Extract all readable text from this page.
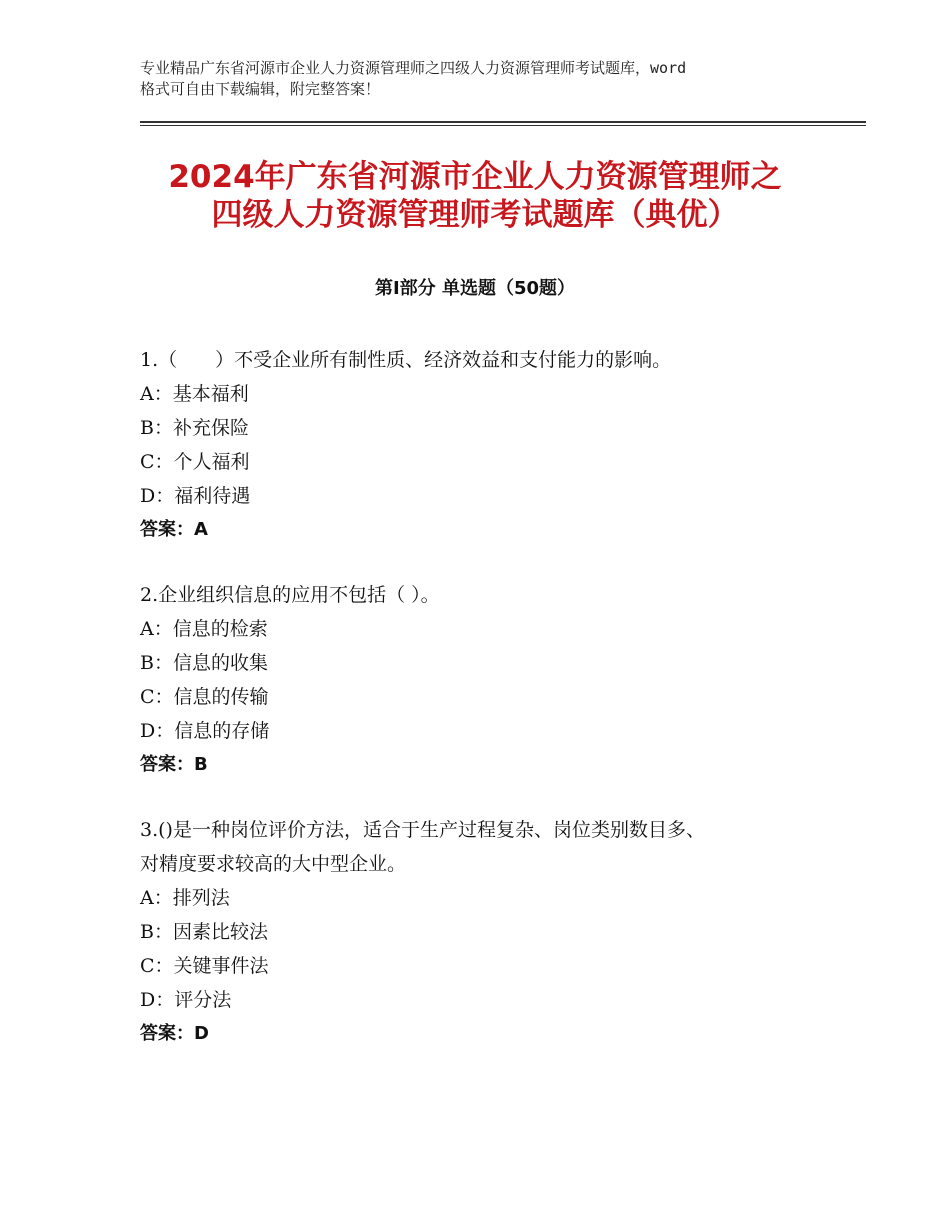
专业精品广东省河源市企业人力资源管理师之四级人力资源管理师考试题库，word
格式可自由下载编辑，附完整答案！
2024年广东省河源市企业人力资源管理师之
四级人力资源管理师考试题库（典优）
第Ⅰ部分 单选题（50题）
1.（　　）不受企业所有制性质、经济效益和支付能力的影响。
A：基本福利
B：补充保险
C：个人福利
D：福利待遇
答案：A
2.企业组织信息的应用不包括（ ）。
A：信息的检索
B：信息的收集
C：信息的传输
D：信息的存储
答案：B
3.()是一种岗位评价方法，适合于生产过程复杂、岗位类别数目多、
对精度要求较高的大中型企业。
A：排列法
B：因素比较法
C：关键事件法
D：评分法
答案：D
